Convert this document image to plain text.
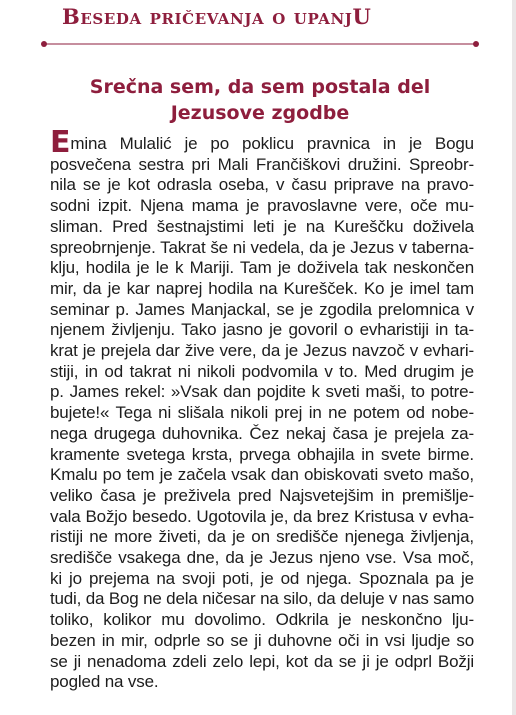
Beseda pričevanja o upanjU
Srečna sem, da sem postala del
Jezusove zgodbe
Emina Mulalić je po poklicu pravnica in je Bogu
posvečena sestra pri Mali Frančiškovi družini. Spreobr-
nila se je kot odrasla oseba, v času priprave na pravo-
sodni izpit. Njena mama je pravoslavne vere, oče mu-
sliman. Pred šestnajstimi leti je na Kureščku doživela
spreobrnjenje. Takrat še ni vedela, da je Jezus v taberna-
klju, hodila je le k Mariji. Tam je doživela tak neskončen
mir, da je kar naprej hodila na Kurešček. Ko je imel tam
seminar p. James Manjackal, se je zgodila prelomnica v
njenem življenju. Tako jasno je govoril o evharistiji in ta-
krat je prejela dar žive vere, da je Jezus navzoč v evhari-
stiji, in od takrat ni nikoli podvomila v to. Med drugim je
p. James rekel: »Vsak dan pojdite k sveti maši, to potre-
bujete!« Tega ni slišala nikoli prej in ne potem od nobe-
nega drugega duhovnika. Čez nekaj časa je prejela za-
kramente svetega krsta, prvega obhajila in svete birme.
Kmalu po tem je začela vsak dan obiskovati sveto mašo,
veliko časa je preživela pred Najsvetejšim in premišlje-
vala Božjo besedo. Ugotovila je, da brez Kristusa v evha-
ristiji ne more živeti, da je on središče njenega življenja,
središče vsakega dne, da je Jezus njeno vse. Vsa moč,
ki jo prejema na svoji poti, je od njega. Spoznala pa je
tudi, da Bog ne dela ničesar na silo, da deluje v nas samo
toliko, kolikor mu dovolimo. Odkrila je neskončno lju-
bezen in mir, odprle so se ji duhovne oči in vsi ljudje so
se ji nenadoma zdeli zelo lepi, kot da se ji je odprl Božji
pogled na vse.
